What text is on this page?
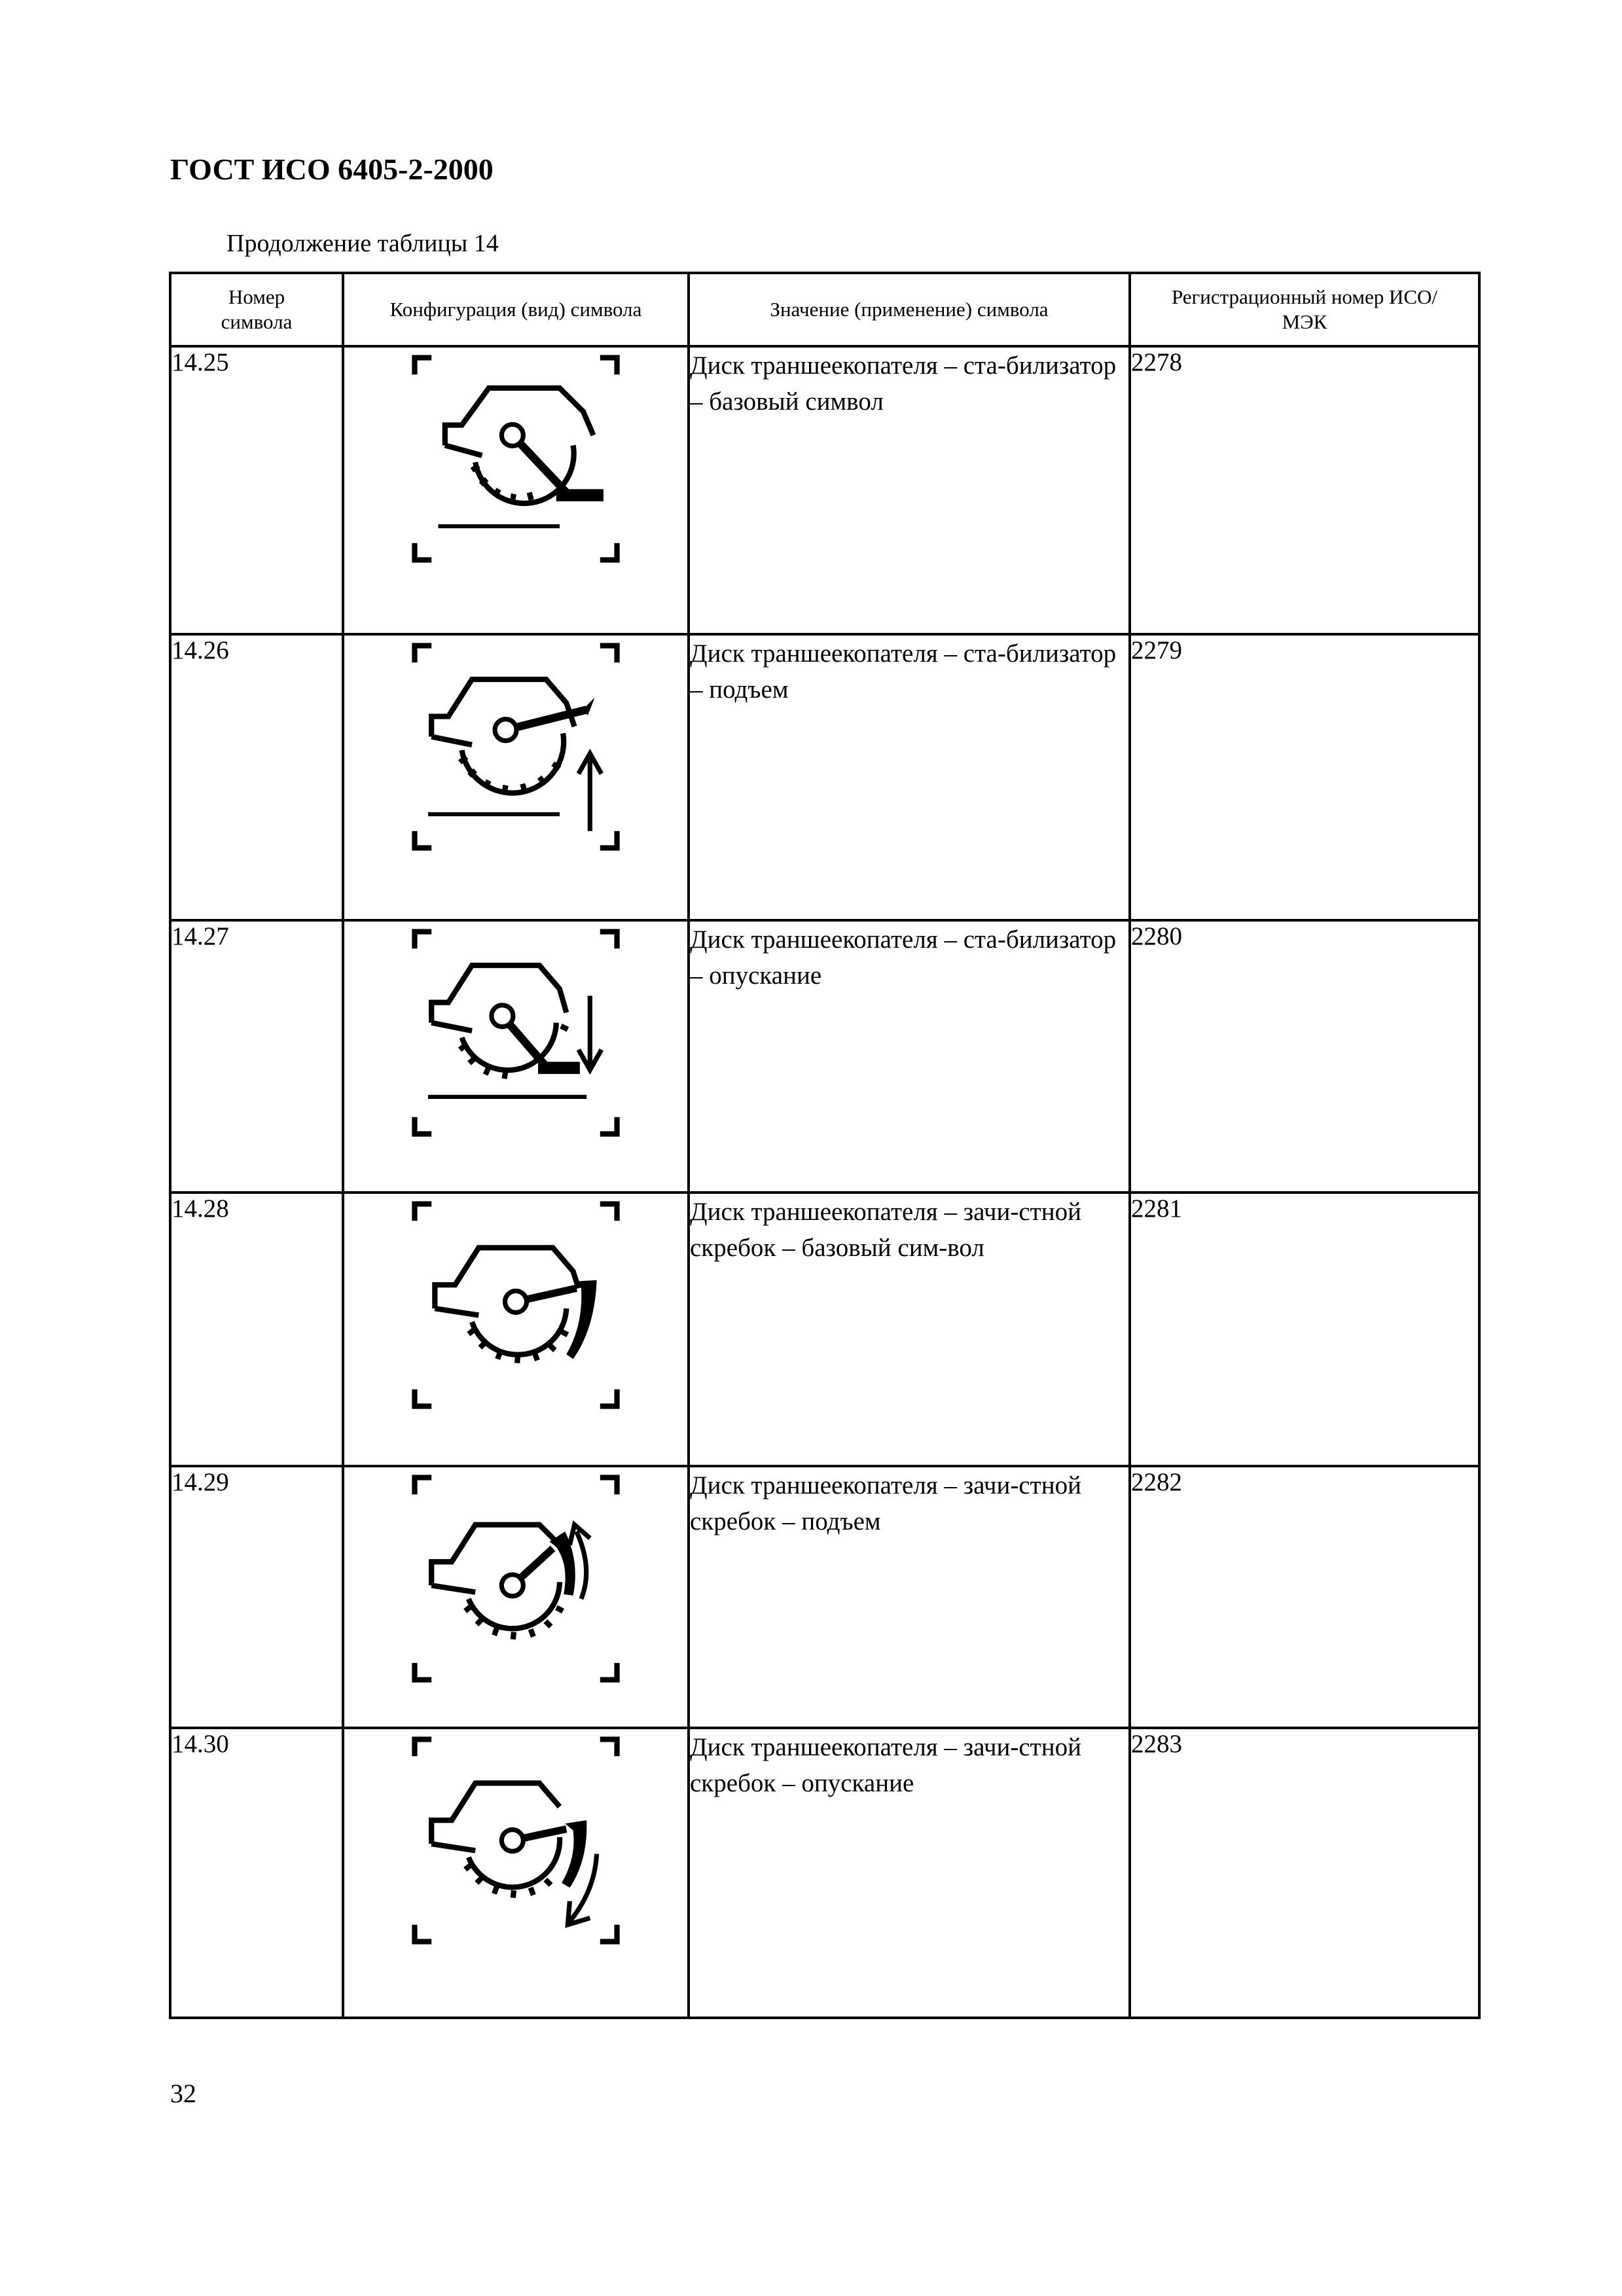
ГОСТ ИСО 6405-2-2000
Продолжение таблицы 14
Номер символа	Конфигурация (вид) символа	Значение (применение) символа	Регистрационный номер ИСО/МЭК
14.25		Диск траншеекопателя – ста-билизатор – базовый символ	2278
14.26		Диск траншеекопателя – ста-билизатор – подъем	2279
14.27		Диск траншеекопателя – ста-билизатор – опускание	2280
14.28		Диск траншеекопателя – зачи-стной скребок – базовый сим-вол	2281
14.29		Диск траншеекопателя – зачи-стной скребок – подъем	2282
14.30		Диск траншеекопателя – зачи-стной скребок – опускание	2283
32
